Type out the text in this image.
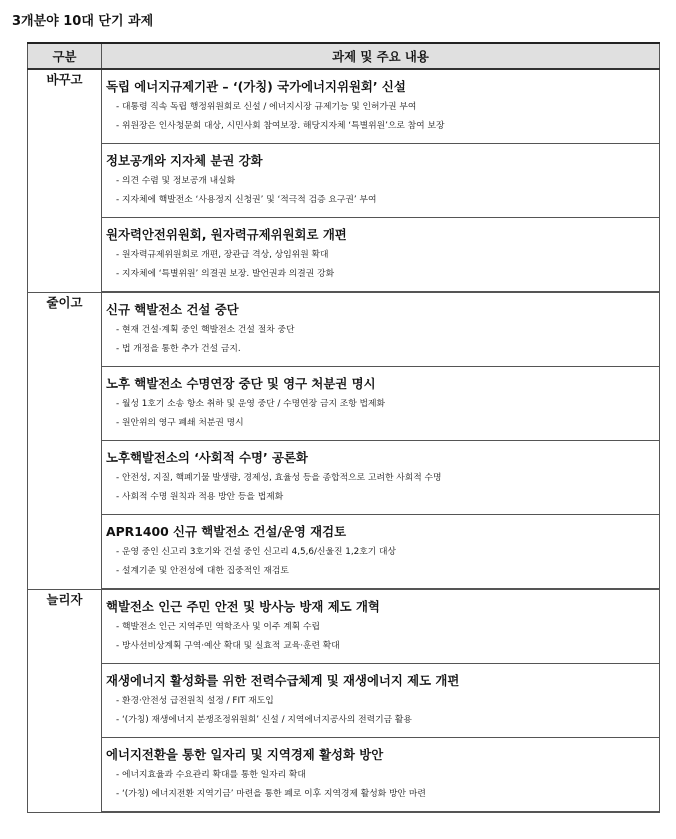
3개분야 10대 단기 과제
구분	과제 및 주요 내용
바꾸고	독립 에너지규제기관 – ‘(가칭) 국가에너지위원회’ 신설
- 대통령 직속 독립 행정위원회로 신설 / 에너지시장 규제기능 및 인허가권 부여
- 위원장은 인사청문회 대상, 시민사회 참여보장. 해당지자체 ‘특별위원’으로 참여 보장

	정보공개와 지자체 분권 강화
- 의견 수렴 및 정보공개 내실화
- 지자체에 핵발전소 ‘사용정지 신청권’ 및 ‘적극적 검증 요구권’ 부여

	원자력안전위원회, 원자력규제위원회로 개편
- 원자력규제위원회로 개편, 장관급 격상, 상임위원 확대
- 지자체에 ‘특별위원’ 의결권 보장. 발언권과 의결권 강화

줄이고	신규 핵발전소 건설 중단
- 현재 건설·계획 중인 핵발전소 건설 절차 중단
- 법 개정을 통한 추가 건설 금지.

	노후 핵발전소 수명연장 중단 및 영구 처분권 명시
- 월성 1호기 소송 항소 취하 및 운영 중단 / 수명연장 금지 조항 법제화
- 원안위의 영구 폐쇄 처분권 명시

	노후핵발전소의 ‘사회적 수명’ 공론화
- 안전성, 지질, 핵폐기물 발생량, 경제성, 효율성 등을 종합적으로 고려한 사회적 수명
- 사회적 수명 원칙과 적용 방안 등을 법제화

	APR1400 신규 핵발전소 건설/운영 재검토
- 운영 중인 신고리 3호기와 건설 중인 신고리 4,5,6/신울진 1,2호기 대상
- 설계기준 및 안전성에 대한 집중적인 재검토

늘리자	핵발전소 인근 주민 안전 및 방사능 방재 제도 개혁
- 핵발전소 인근 지역주민 역학조사 및 이주 계획 수립
- 방사선비상계획 구역·예산 확대 및 실효적 교육·훈련 확대

	재생에너지 활성화를 위한 전력수급체계 및 재생에너지 제도 개편
- 환경·안전성 급전원칙 설정 / FIT 재도입
- ‘(가칭) 재생에너지 분쟁조정위원회’ 신설 / 지역에너지공사의 전력기금 활용

	에너지전환을 통한 일자리 및 지역경제 활성화 방안
- 에너지효율과 수요관리 확대를 통한 일자리 확대
- ‘(가칭) 에너지전환 지역기금’ 마련을 통한 폐로 이후 지역경제 활성화 방안 마련
